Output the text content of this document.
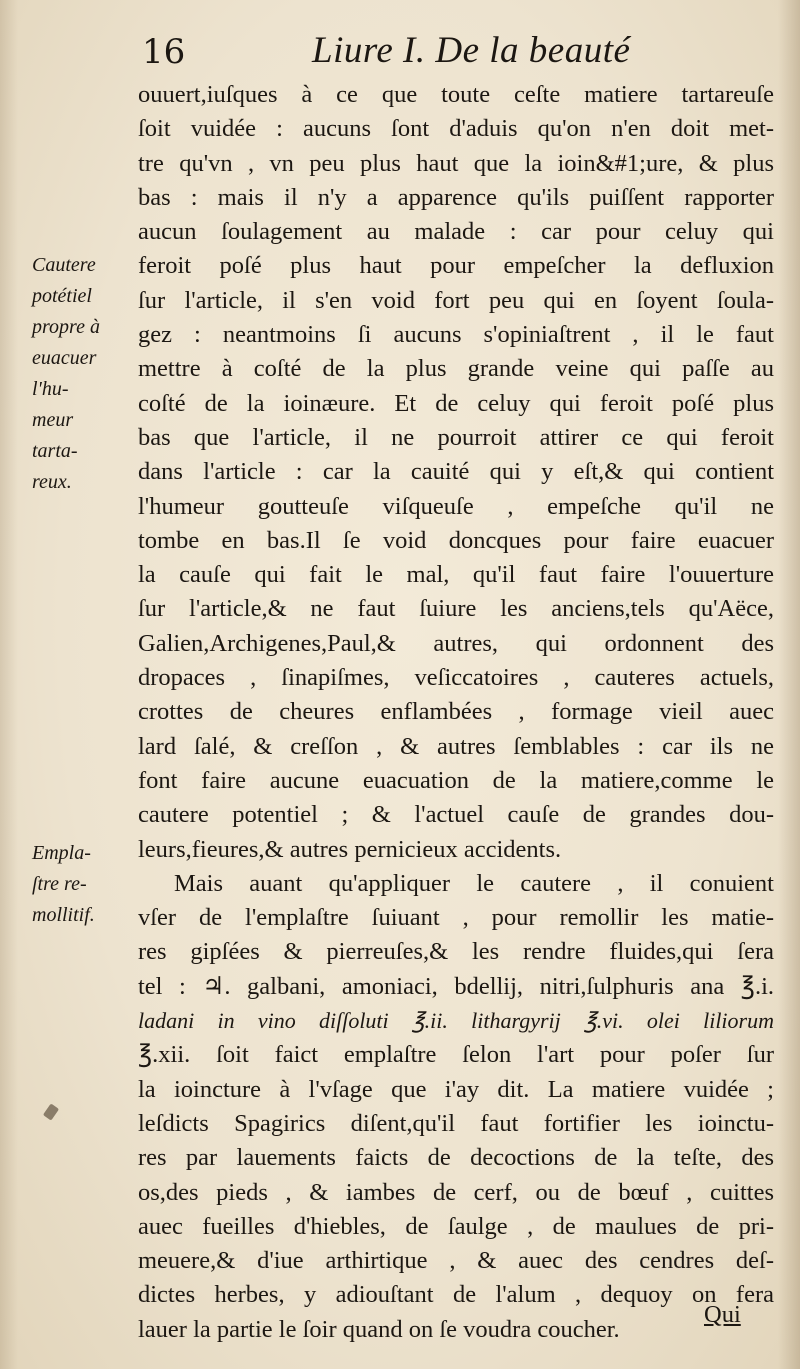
16	Liure I. De la beauté
ouuert,iuſques à ce que toute ceſte matiere tartareuſe
ſoit vuidée : aucuns ſont d'aduis qu'on n'en doit met-
tre qu'vn , vn peu plus haut que la ioin&#1;ure, & plus
bas : mais il n'y a apparence qu'ils puiſſent rapporter
aucun ſoulagement au malade : car pour celuy qui
feroit poſé plus haut pour empeſcher la defluxion
ſur l'article, il s'en void fort peu qui en ſoyent ſoula-
gez : neantmoins ſi aucuns s'opiniaſtrent , il le faut
mettre à coſté de la plus grande veine qui paſſe au
coſté de la ioinӕure. Et de celuy qui feroit poſé plus
bas que l'article, il ne pourroit attirer ce qui feroit
dans l'article : car la cauité qui y eſt,& qui contient
l'humeur goutteuſe viſqueuſe , empeſche qu'il ne
tombe en bas.Il ſe void doncques pour faire euacuer
la cauſe qui fait le mal, qu'il faut faire l'ouuerture
ſur l'article,& ne faut ſuiure les anciens,tels qu'Aëce,
Galien,Archigenes,Paul,& autres, qui ordonnent des
dropaces , ſinapiſmes, veſiccatoires , cauteres actuels,
crottes de cheures enflambées , formage vieil auec
lard ſalé, & creſſon , & autres ſemblables : car ils ne
font faire aucune euacuation de la matiere,comme le
cautere potentiel ; & l'actuel cauſe de grandes dou-
leurs,fieures,& autres pernicieux accidents.
Mais auant qu'appliquer le cautere , il conuient
vſer de l'emplaſtre ſuiuant , pour remollir les matie-
res gipſées & pierreuſes,& les rendre fluides,qui ſera
tel : ♃. galbani, amoniaci, bdellij, nitri,ſulphuris ana ℥.i.
ladani in vino diſſoluti ℥.ii. lithargyrij ℥.vi. olei liliorum
℥.xii. ſoit faict emplaſtre ſelon l'art pour poſer ſur
la ioincture à l'vſage que i'ay dit. La matiere vuidée ;
leſdicts Spagirics diſent,qu'il faut fortifier les ioinctu-
res par lauements faicts de decoctions de la teſte, des
os,des pieds , & iambes de cerf, ou de bœuf , cuittes
auec fueilles d'hiebles, de ſaulge , de maulues de pri-
meuere,& d'iue arthirtique , & auec des cendres deſ-
dictes herbes, y adiouſtant de l'alum , dequoy on fera
lauer la partie le ſoir quand on ſe voudra coucher.
Cautere
potétiel
propre à
euacuer
l'hu-
meur
tarta-
reux.
Empla-
ſtre re-
mollitif.
Qui
